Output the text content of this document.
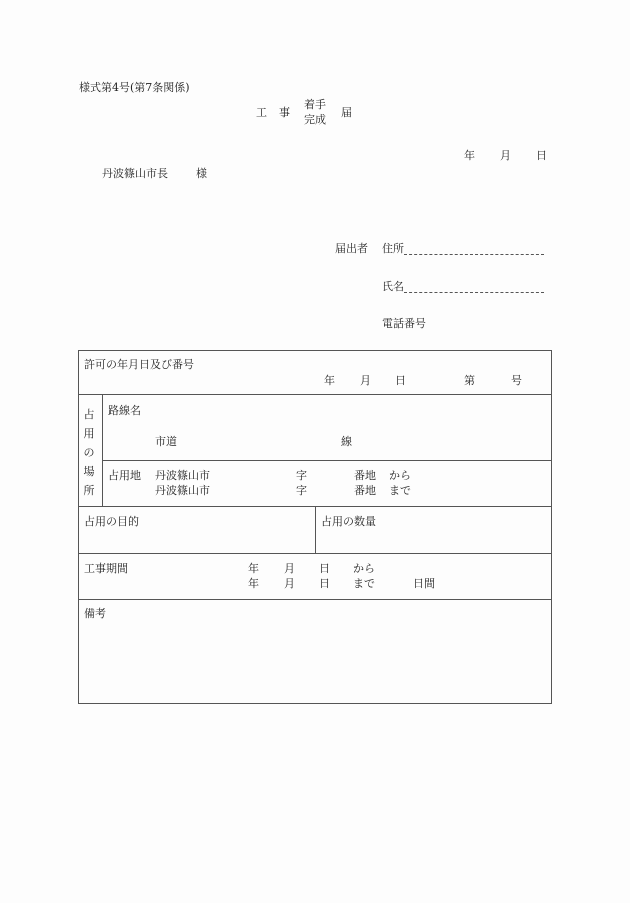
様式第4号(第7条関係)
工 事
着手
完成
届
年 月 日
丹波篠山市長	様
届出者 住所
氏名
電話番号
許可の年月日及び番号
年 月 日	第	号
占用の場所
路線名
市道	線
占用地 丹波篠山市	字	番地 から
丹波篠山市	字	番地 まで
占用の目的	占用の数量
工事期間	年 月 日 から
年 月 日 まで	日間
備考
